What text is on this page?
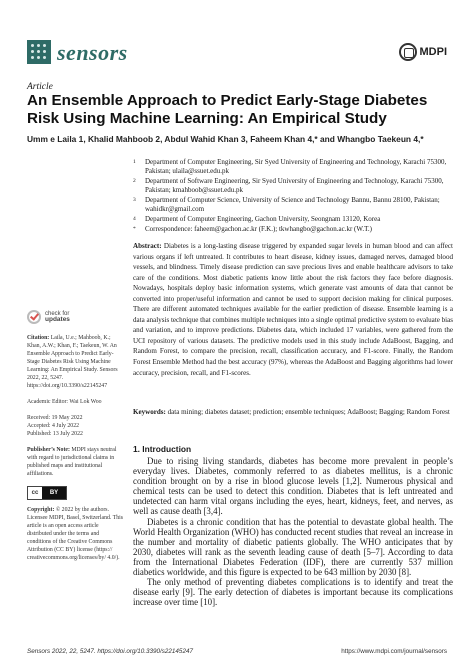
sensors	MDPI
Article
An Ensemble Approach to Predict Early-Stage Diabetes Risk Using Machine Learning: An Empirical Study
Umm e Laila 1, Khalid Mahboob 2, Abdul Wahid Khan 3, Faheem Khan 4,* and Whangbo Taekeun 4,*
1	Department of Computer Engineering, Sir Syed University of Engineering and Technology, Karachi 75300, Pakistan; ulaila@ssuet.edu.pk
2	Department of Software Engineering, Sir Syed University of Engineering and Technology, Karachi 75300, Pakistan; kmahboob@ssuet.edu.pk
3	Department of Computer Science, University of Science and Technology Bannu, Bannu 28100, Pakistan; wahidkr@gmail.com
4	Department of Computer Engineering, Gachon University, Seongnam 13120, Korea
*	Correspondence: faheem@gachon.ac.kr (F.K.); tkwhangbo@gachon.ac.kr (W.T.)
Abstract: Diabetes is a long-lasting disease triggered by expanded sugar levels in human blood and can affect various organs if left untreated. It contributes to heart disease, kidney issues, damaged nerves, damaged blood vessels, and blindness. Timely disease prediction can save precious lives and enable healthcare advisors to take care of the conditions. Most diabetic patients know little about the risk factors they face before diagnosis. Nowadays, hospitals deploy basic information systems, which generate vast amounts of data that cannot be converted into proper/useful information and cannot be used to support decision making for clinical purposes. There are different automated techniques available for the earlier prediction of disease. Ensemble learning is a data analysis technique that combines multiple techniques into a single optimal predictive system to evaluate bias and variation, and to improve predictions. Diabetes data, which included 17 variables, were gathered from the UCI repository of various datasets. The predictive models used in this study include AdaBoost, Bagging, and Random Forest, to compare the precision, recall, classification accuracy, and F1-score. Finally, the Random Forest Ensemble Method had the best accuracy (97%), whereas the AdaBoost and Bagging algorithms had lower accuracy, precision, recall, and F1-scores.
Keywords: data mining; diabetes dataset; prediction; ensemble techniques; AdaBoost; Bagging; Random Forest
check for
updates
Citation: Laila, U.e.; Mahboob, K.; Khan, A.W.; Khan, F.; Taekeun, W. An Ensemble Approach to Predict Early-Stage Diabetes Risk Using Machine Learning: An Empirical Study. Sensors 2022, 22, 5247. https://doi.org/10.3390/s22145247
Academic Editor: Wai Lok Woo
Received: 19 May 2022
Accepted: 4 July 2022
Published: 13 July 2022
Publisher’s Note: MDPI stays neutral with regard to jurisdictional claims in published maps and institutional affiliations.
cc	BY
Copyright: © 2022 by the authors. Licensee MDPI, Basel, Switzerland. This article is an open access article distributed under the terms and conditions of the Creative Commons Attribution (CC BY) license (https:// creativecommons.org/licenses/by/ 4.0/).
1. Introduction

Due to rising living standards, diabetes has become more prevalent in people’s everyday lives. Diabetes, commonly referred to as diabetes mellitus, is a chronic condition brought on by a rise in blood glucose levels [1,2]. Numerous physical and chemical tests can be used to detect this condition. Diabetes that is left untreated and undetected can harm vital organs including the eyes, heart, kidneys, feet, and nerves, as well as cause death [3,4].

Diabetes is a chronic condition that has the potential to devastate global health. The World Health Organization (WHO) has conducted recent studies that reveal an increase in the number and mortality of diabetic patients globally. The WHO anticipates that by 2030, diabetes will rank as the seventh leading cause of death [5–7]. According to data from the International Diabetes Federation (IDF), there are currently 537 million diabetics worldwide, and this figure is expected to be 643 million by 2030 [8].

The only method of preventing diabetes complications is to identify and treat the disease early [9]. The early detection of diabetes is important because its complications increase over time [10].

Sensors 2022, 22, 5247. https://doi.org/10.3390/s22145247	https://www.mdpi.com/journal/sensors
